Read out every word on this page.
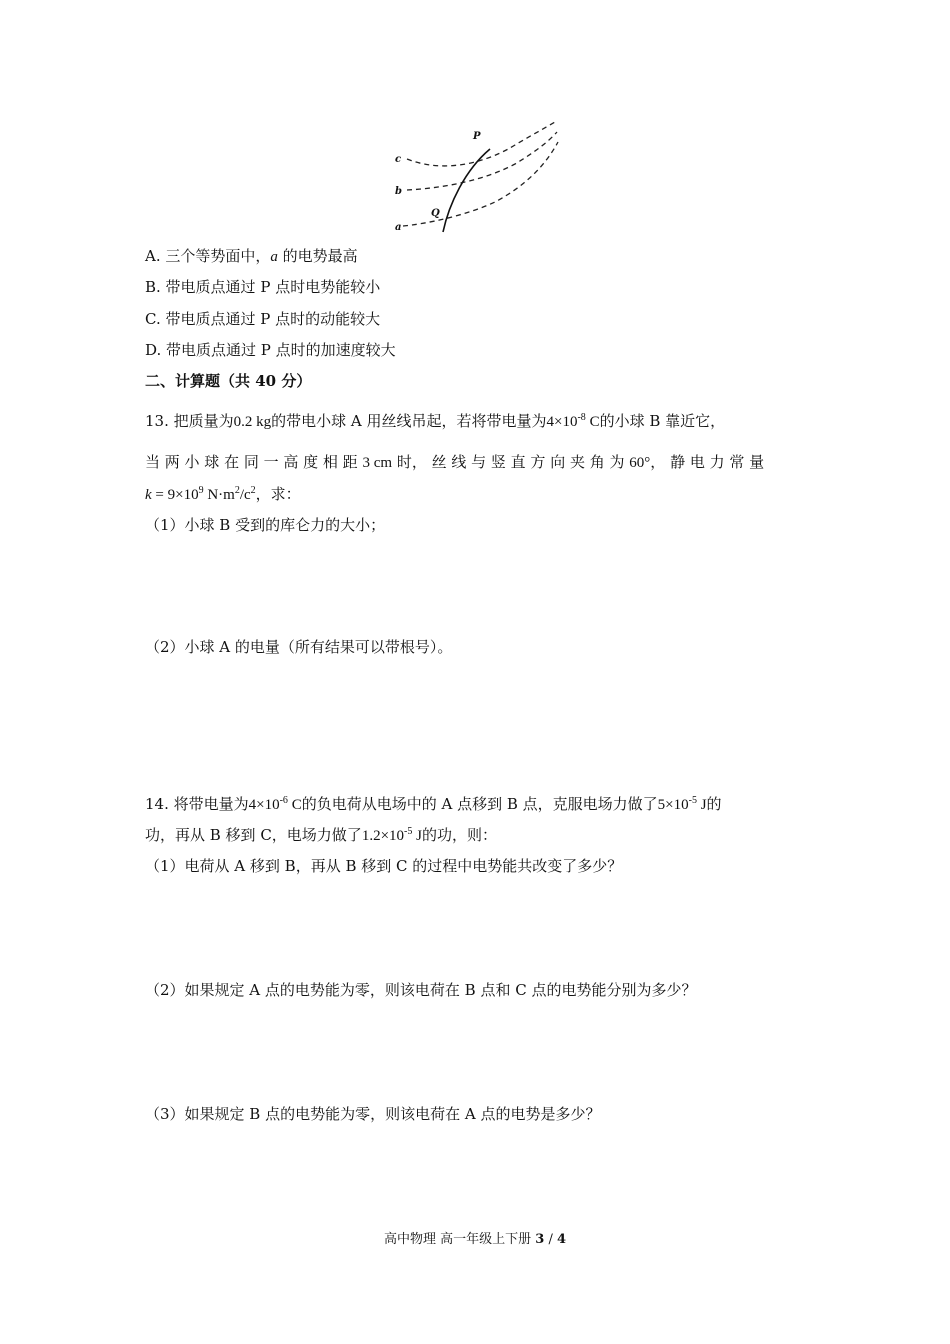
P
Q
c
b
a
A. 三个等势面中，a 的电势最高
B. 带电质点通过 P 点时电势能较小
C. 带电质点通过 P 点时的动能较大
D. 带电质点通过 P 点时的加速度较大
二、计算题（共 40 分）
13. 把质量为0.2 kg的带电小球 A 用丝线吊起，若将带电量为$4\times 10^{-8}$ C的小球 B 靠近它，
当 两 小 球 在 同 一 高 度 相 距 3 cm 时， 丝 线 与 竖 直 方 向 夹 角 为 60°， 静 电 力 常 量
$k = 9\times 10^9$ $N\cdot m^2/c^2$，求：
（1）小球 B 受到的库仑力的大小；
（2）小球 A 的电量（所有结果可以带根号）。
14. 将带电量为$4\times 10^{-6}$ C的负电荷从电场中的 A 点移到 B 点，克服电场力做了$5\times 10^{-5}$ J的
功，再从 B 移到 C，电场力做了$1.2\times 10^{-5}$ J的功，则：
（1）电荷从 A 移到 B，再从 B 移到 C 的过程中电势能共改变了多少？
（2）如果规定 A 点的电势能为零，则该电荷在 B 点和 C 点的电势能分别为多少？
（3）如果规定 B 点的电势能为零，则该电荷在 A 点的电势是多少？
高中物理 高一年级上下册 3 / 4
